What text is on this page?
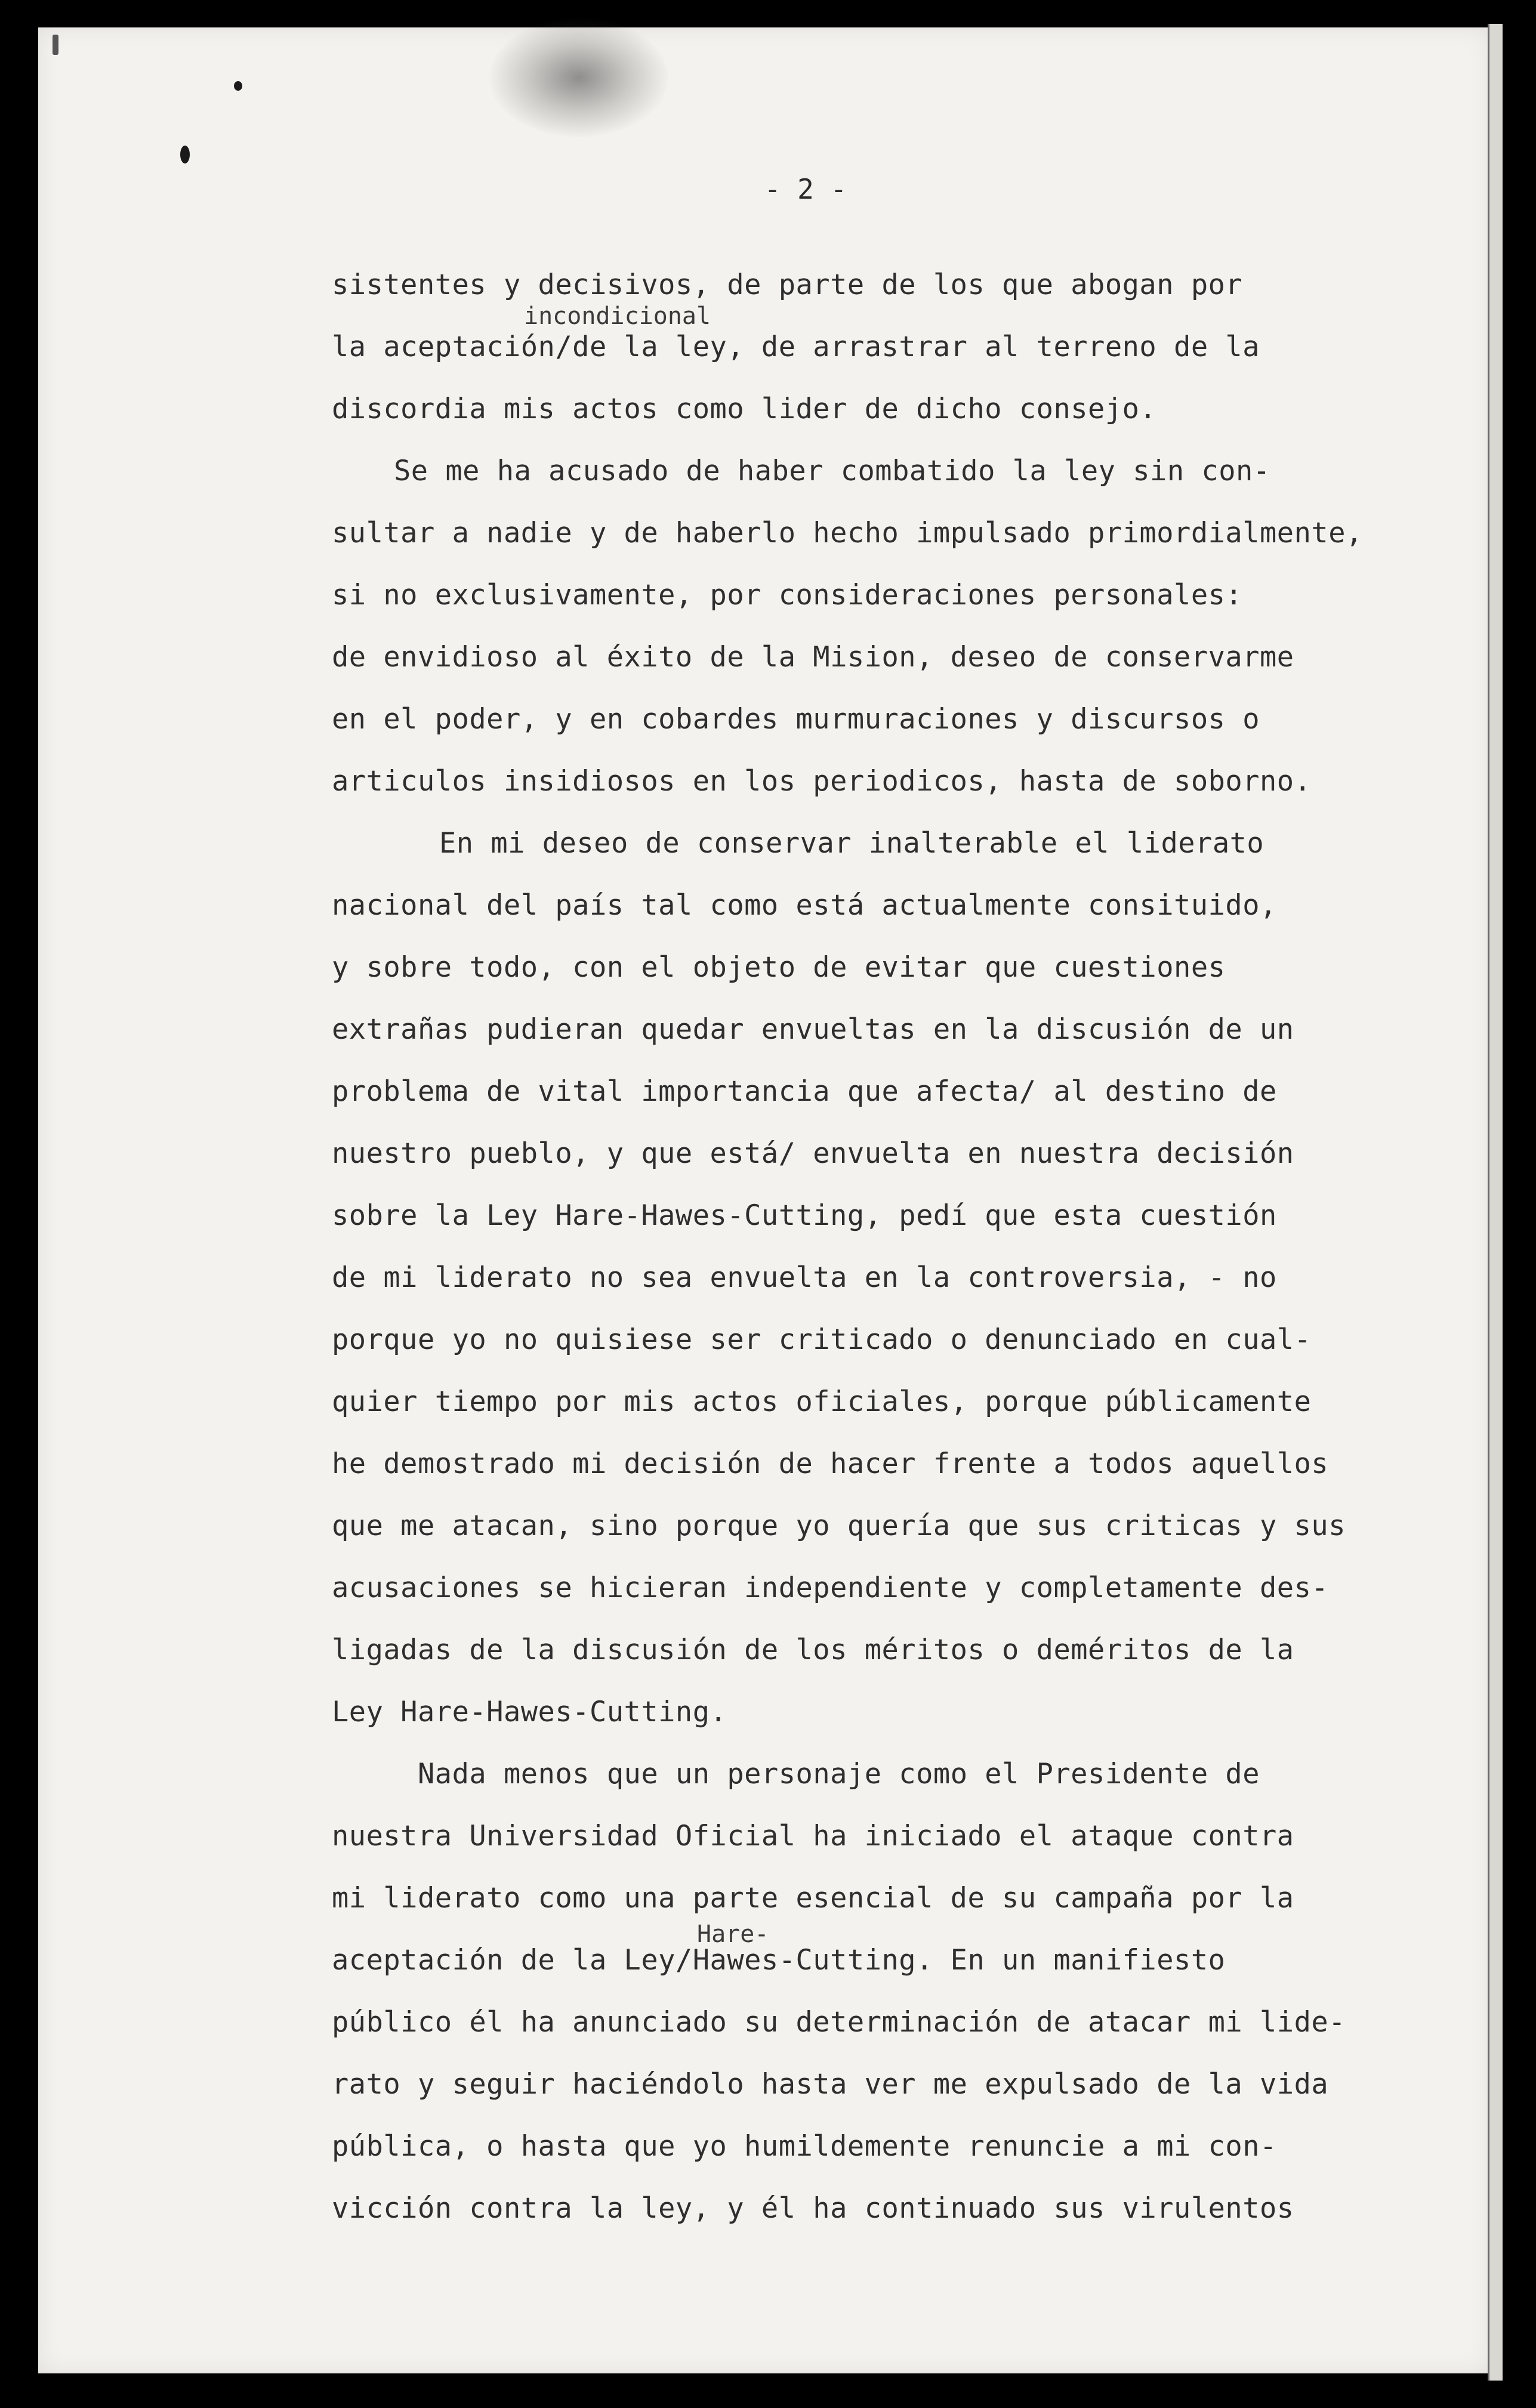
- 2 -
incondicional
Hare-
sistentes y decisivos, de parte de los que abogan por
la aceptación/de la ley, de arrastrar al terreno de la
discordia mis actos como lider de dicho consejo.
Se me ha acusado de haber combatido la ley sin con-
sultar a nadie y de haberlo hecho impulsado primordialmente,
si no exclusivamente, por consideraciones personales:
de envidioso al éxito de la Mision, deseo de conservarme
en el poder, y en cobardes murmuraciones y discursos o
articulos insidiosos en los periodicos, hasta de soborno.
En mi deseo de conservar inalterable el liderato
nacional del país tal como está actualmente consituido,
y sobre todo, con el objeto de evitar que cuestiones
extrañas pudieran quedar envueltas en la discusión de un
problema de vital importancia que afecta/ al destino de
nuestro pueblo, y que está/ envuelta en nuestra decisión
sobre la Ley Hare-Hawes-Cutting, pedí que esta cuestión
de mi liderato no sea envuelta en la controversia, - no
porque yo no quisiese ser criticado o denunciado en cual-
quier tiempo por mis actos oficiales, porque públicamente
he demostrado mi decisión de hacer frente a todos aquellos
que me atacan, sino porque yo quería que sus criticas y sus
acusaciones se hicieran independiente y completamente des-
ligadas de la discusión de los méritos o deméritos de la
Ley Hare-Hawes-Cutting.
Nada menos que un personaje como el Presidente de
nuestra Universidad Oficial ha iniciado el ataque contra
mi liderato como una parte esencial de su campaña por la
aceptación de la Ley/Hawes-Cutting. En un manifiesto
público él ha anunciado su determinación de atacar mi lide-
rato y seguir haciéndolo hasta ver me expulsado de la vida
pública, o hasta que yo humildemente renuncie a mi con-
vicción contra la ley, y él ha continuado sus virulentos
